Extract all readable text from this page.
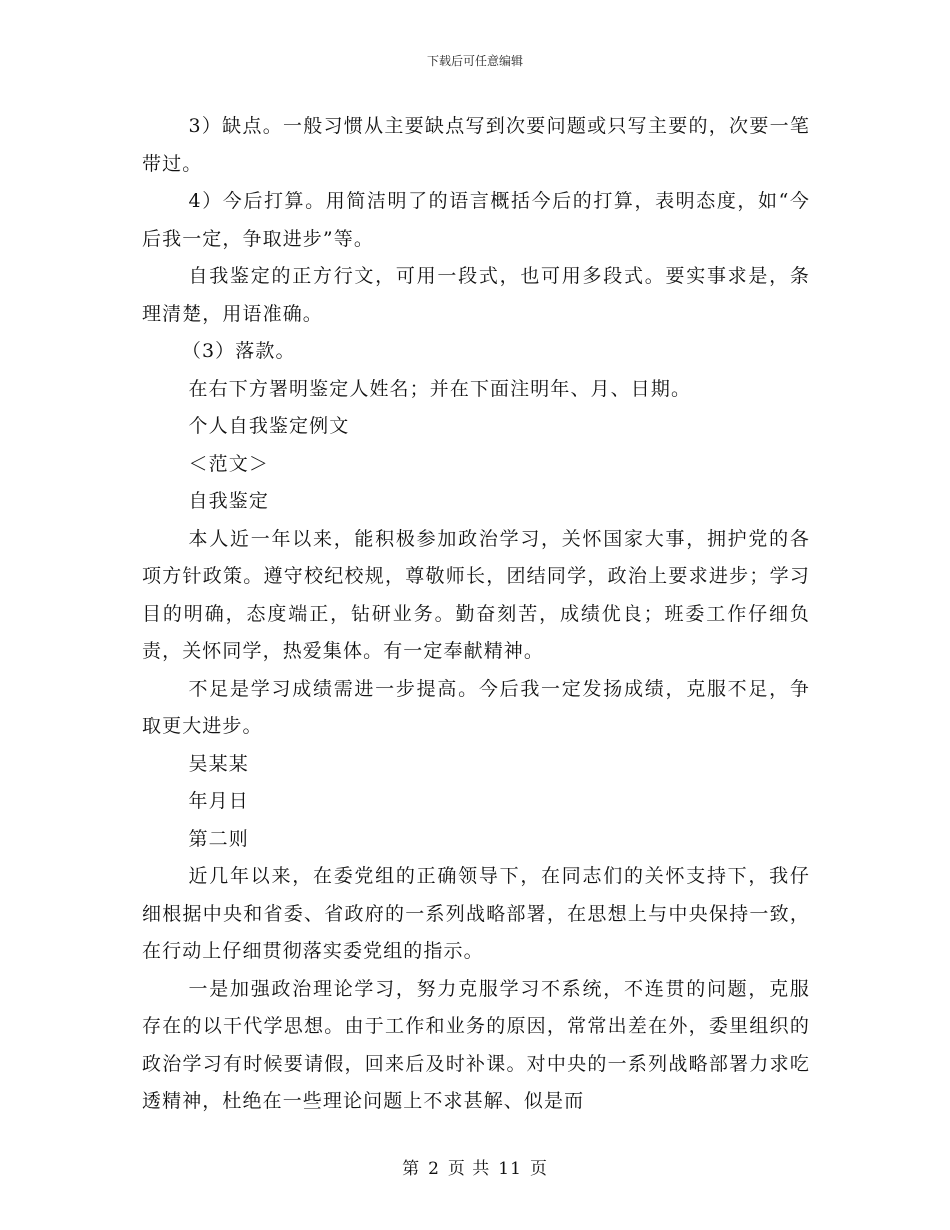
下载后可任意编辑

3）缺点。一般习惯从主要缺点写到次要问题或只写主要的，次要一笔带过。

4）今后打算。用简洁明了的语言概括今后的打算，表明态度，如“今后我一定，争取进步”等。

自我鉴定的正方行文，可用一段式，也可用多段式。要实事求是，条理清楚，用语准确。

（3）落款。

在右下方署明鉴定人姓名；并在下面注明年、月、日期。

个人自我鉴定例文

＜范文＞

自我鉴定

本人近一年以来，能积极参加政治学习，关怀国家大事，拥护党的各项方针政策。遵守校纪校规，尊敬师长，团结同学，政治上要求进步；学习目的明确，态度端正，钻研业务。勤奋刻苦，成绩优良；班委工作仔细负责，关怀同学，热爱集体。有一定奉献精神。

不足是学习成绩需进一步提高。今后我一定发扬成绩，克服不足，争取更大进步。

吴某某

年月日

第二则

近几年以来，在委党组的正确领导下，在同志们的关怀支持下，我仔细根据中央和省委、省政府的一系列战略部署，在思想上与中央保持一致，在行动上仔细贯彻落实委党组的指示。

一是加强政治理论学习，努力克服学习不系统，不连贯的问题，克服存在的以干代学思想。由于工作和业务的原因，常常出差在外，委里组织的政治学习有时候要请假，回来后及时补课。对中央的一系列战略部署力求吃透精神，杜绝在一些理论问题上不求甚解、似是而

第 2 页 共 11 页
